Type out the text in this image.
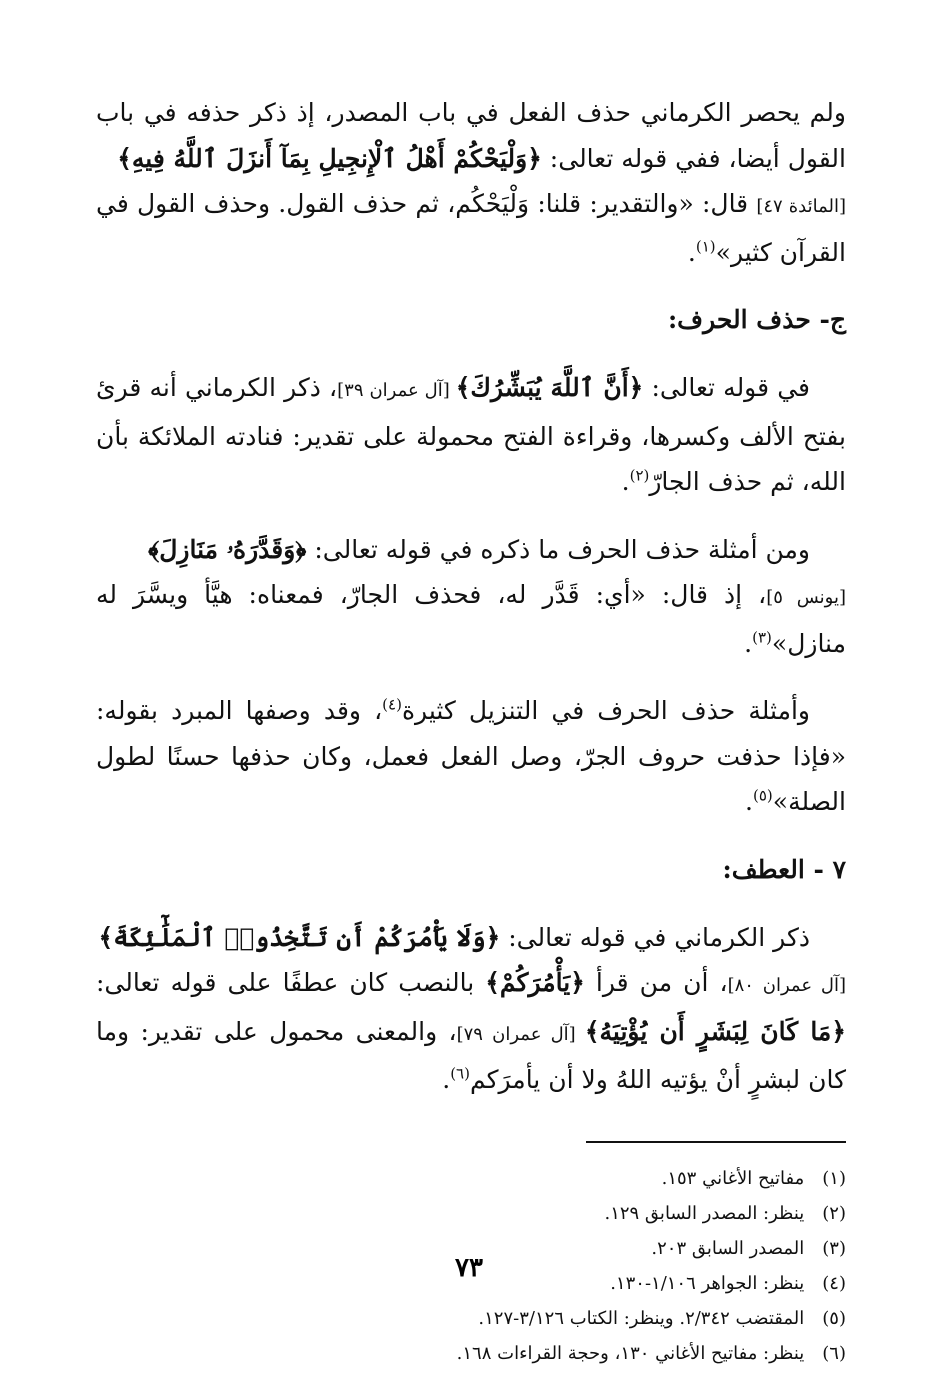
ولم يحصر الكرماني حذف الفعل في باب المصدر، إذ ذكر حذفه في باب القول أيضا، ففي قوله تعالى: ﴿وَلْيَحْكُمْ أَهْلُ ٱلْإِنجِيلِ بِمَآ أَنزَلَ ٱللَّهُ فِيهِ﴾
[المائدة ٤٧] قال: «والتقدير: قلنا: وَلْيَحْكُم، ثم حذف القول. وحذف القول في القرآن كثير»$^{(١)}$.

ج- حذف الحرف:

في قوله تعالى: ﴿أَنَّ ٱللَّهَ يُبَشِّرُكَ﴾ [آل عمران ٣٩]، ذكر الكرماني أنه قرئ بفتح الألف وكسرها، وقراءة الفتح محمولة على تقدير: فنادته الملائكة بأن الله، ثم حذف الجارّ$^{(٢)}$.

ومن أمثلة حذف الحرف ما ذكره في قوله تعالى: ﴿وَقَدَّرَهُۥ مَنَازِلَ﴾
[يونس ٥]، إذ قال: «أي: قَدَّر له، فحذف الجارّ، فمعناه: هيَّأ ويسَّرَ له منازل»$^{(٣)}$.

وأمثلة حذف الحرف في التنزيل كثيرة$^{(٤)}$، وقد وصفها المبرد بقوله: «فإذا حذفت حروف الجرّ، وصل الفعل فعمل، وكان حذفها حسنًا لطول الصلة»$^{(٥)}$.

٧ - العطف:

ذكر الكرماني في قوله تعالى: ﴿وَلَا يَأْمُرَكُمْ أَن تَتَّخِذُوا۟ ٱلْمَلَٰٓئِكَةَ﴾
[آل عمران ٨٠]، أن من قرأ ﴿يَأْمُرَكُمْ﴾ بالنصب كان عطفًا على قوله تعالى: ﴿مَا كَانَ لِبَشَرٍ أَن يُؤْتِيَهُ﴾ [آل عمران ٧٩]، والمعنى محمول على تقدير: وما كان لبشرٍ أنْ يؤتيه اللهُ ولا أن يأمرَكم$^{(٦)}$.

(١) مفاتيح الأغاني ١٥٣.
(٢) ينظر: المصدر السابق ١٢٩.
(٣) المصدر السابق ٢٠٣.
(٤) ينظر: الجواهر ١/١٠٦-١٣٠.
(٥) المقتضب ٢/٣٤٢. وينظر: الكتاب ٣/١٢٦-١٢٧.
(٦) ينظر: مفاتيح الأغاني ١٣٠، وحجة القراءات ١٦٨.
٧٣
